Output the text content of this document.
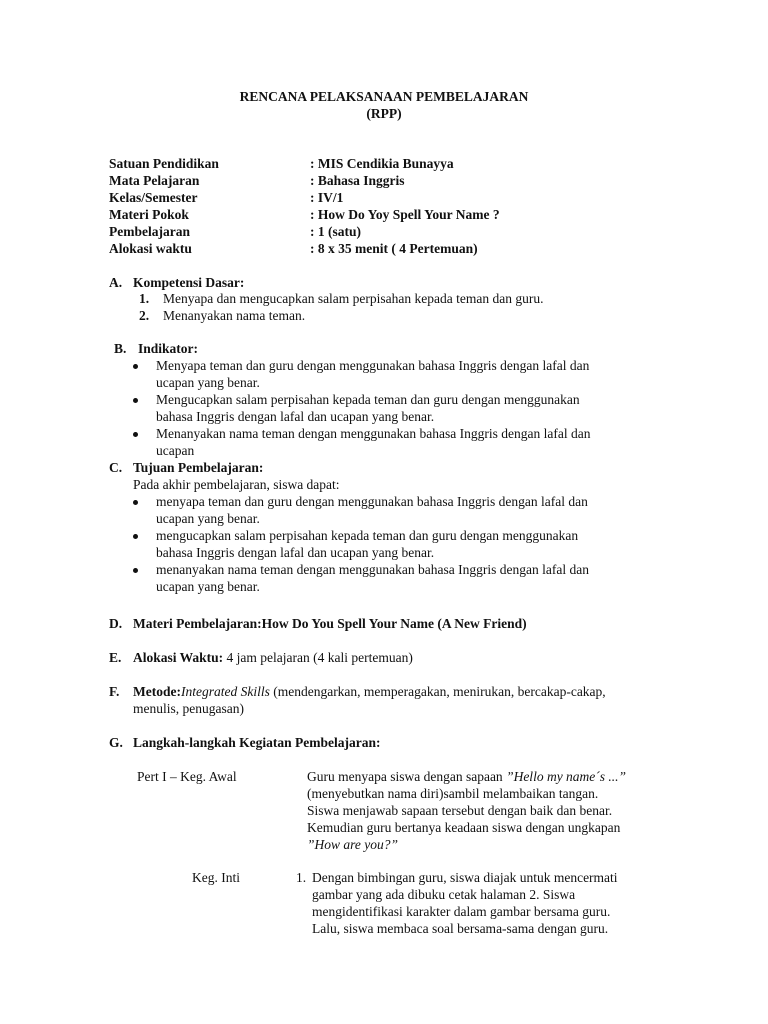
RENCANA PELAKSANAAN PEMBELAJARAN
(RPP)
Satuan Pendidikan	: MIS Cendikia Bunayya
Mata Pelajaran	: Bahasa Inggris
Kelas/Semester	: IV/1
Materi Pokok	: How Do Yoy Spell Your Name ?
Pembelajaran	: 1 (satu)
Alokasi waktu	: 8 x 35 menit ( 4 Pertemuan)
A. Kompetensi Dasar:
1. Menyapa dan mengucapkan salam perpisahan kepada teman dan guru.
2. Menanyakan nama teman.
B. Indikator:
Menyapa teman dan guru dengan menggunakan bahasa Inggris dengan lafal dan
ucapan yang benar.
Mengucapkan salam perpisahan kepada teman dan guru dengan menggunakan
bahasa Inggris dengan lafal dan ucapan yang benar.
Menanyakan nama teman dengan menggunakan bahasa Inggris dengan lafal dan
ucapan
C. Tujuan Pembelajaran:
Pada akhir pembelajaran, siswa dapat:
menyapa teman dan guru dengan menggunakan bahasa Inggris dengan lafal dan
ucapan yang benar.
mengucapkan salam perpisahan kepada teman dan guru dengan menggunakan
bahasa Inggris dengan lafal dan ucapan yang benar.
menanyakan nama teman dengan menggunakan bahasa Inggris dengan lafal dan
ucapan yang benar.
D. Materi Pembelajaran:How Do You Spell Your Name (A New Friend)
E. Alokasi Waktu: 4 jam pelajaran (4 kali pertemuan)
F. Metode:Integrated Skills (mendengarkan, memperagakan, menirukan, bercakap-cakap,
menulis, penugasan)
G. Langkah-langkah Kegiatan Pembelajaran:
Pert I – Keg. Awal	Guru menyapa siswa dengan sapaan ”Hello my name´s ...”
(menyebutkan nama diri)sambil melambaikan tangan.
Siswa menjawab sapaan tersebut dengan baik dan benar.
Kemudian guru bertanya keadaan siswa dengan ungkapan
”How are you?”
Keg. Inti	1. Dengan bimbingan guru, siswa diajak untuk mencermati
gambar yang ada dibuku cetak halaman 2. Siswa
mengidentifikasi karakter dalam gambar bersama guru.
Lalu, siswa membaca soal bersama-sama dengan guru.
